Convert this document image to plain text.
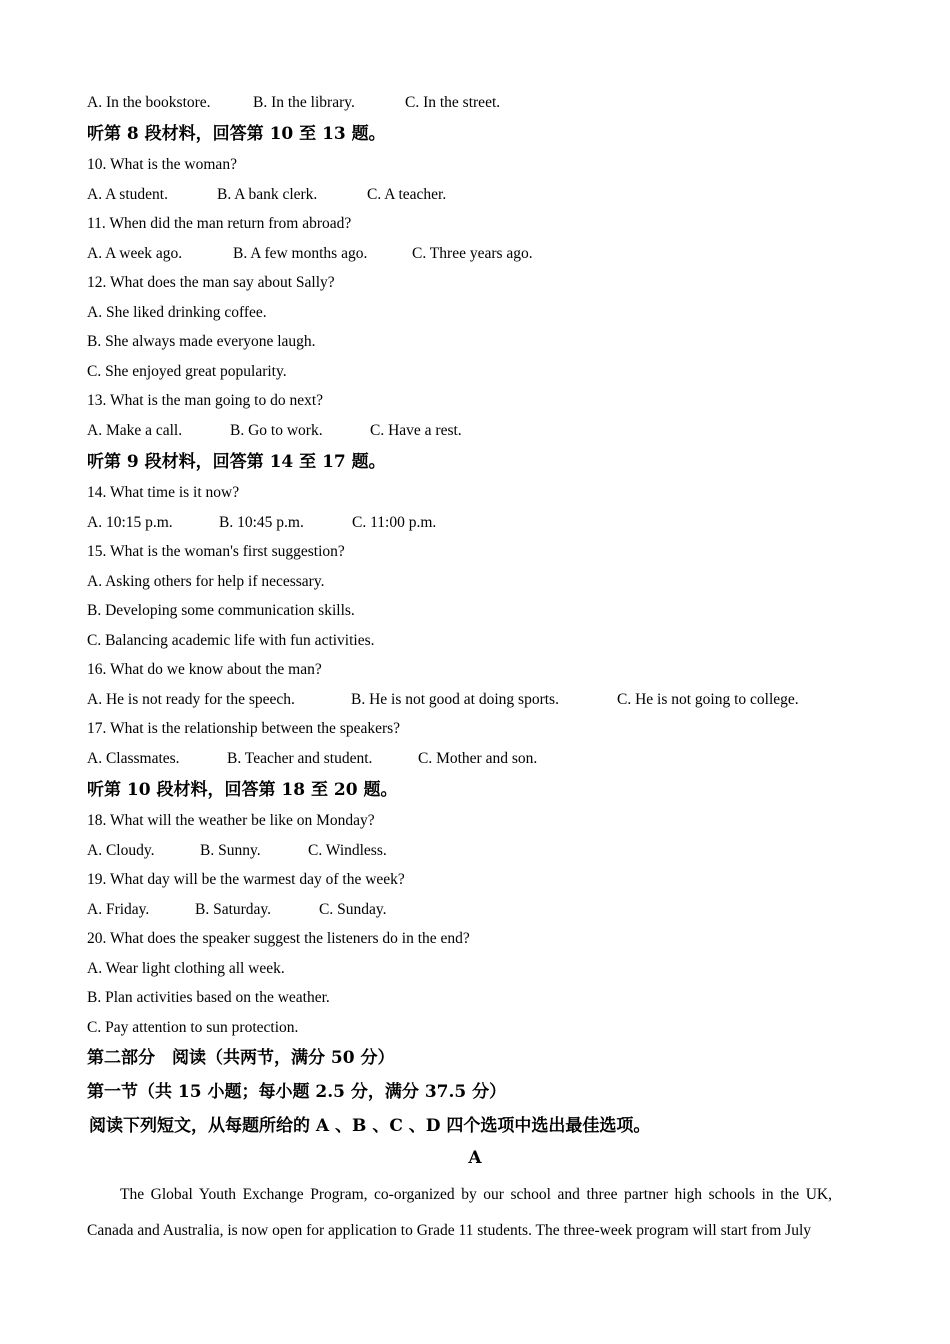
A. In the bookstore.	B. In the library.	C. In the street.
听第 8 段材料，回答第 10 至 13 题。
10. What is the woman?
A. A student.	B. A bank clerk.	C. A teacher.
11. When did the man return from abroad?
A. A week ago.	B. A few months ago.	C. Three years ago.
12. What does the man say about Sally?
A. She liked drinking coffee.
B. She always made everyone laugh.
C. She enjoyed great popularity.
13. What is the man going to do next?
A. Make a call.	B. Go to work.	C. Have a rest.
听第 9 段材料，回答第 14 至 17 题。
14. What time is it now?
A. 10:15 p.m.	B. 10:45 p.m.	C. 11:00 p.m.
15. What is the woman's first suggestion?
A. Asking others for help if necessary.
B. Developing some communication skills.
C. Balancing academic life with fun activities.
16. What do we know about the man?
A. He is not ready for the speech.	B. He is not good at doing sports.	C. He is not going to college.
17. What is the relationship between the speakers?
A. Classmates.	B. Teacher and student.	C. Mother and son.
听第 10 段材料，回答第 18 至 20 题。
18. What will the weather be like on Monday?
A. Cloudy.	B. Sunny.	C. Windless.
19. What day will be the warmest day of the week?
A. Friday.	B. Saturday.	C. Sunday.
20. What does the speaker suggest the listeners do in the end?
A. Wear light clothing all week.
B. Plan activities based on the weather.
C. Pay attention to sun protection.
第二部分　阅读（共两节，满分 50 分）
第一节（共 15 小题；每小题 2.5 分，满分 37.5 分）
阅读下列短文，从每题所给的 A 、B 、C 、D 四个选项中选出最佳选项。
A
The Global Youth Exchange Program, co-organized by our school and three partner high schools in the UK, Canada and Australia, is now open for application to Grade 11 students. The three-week program will start from July
